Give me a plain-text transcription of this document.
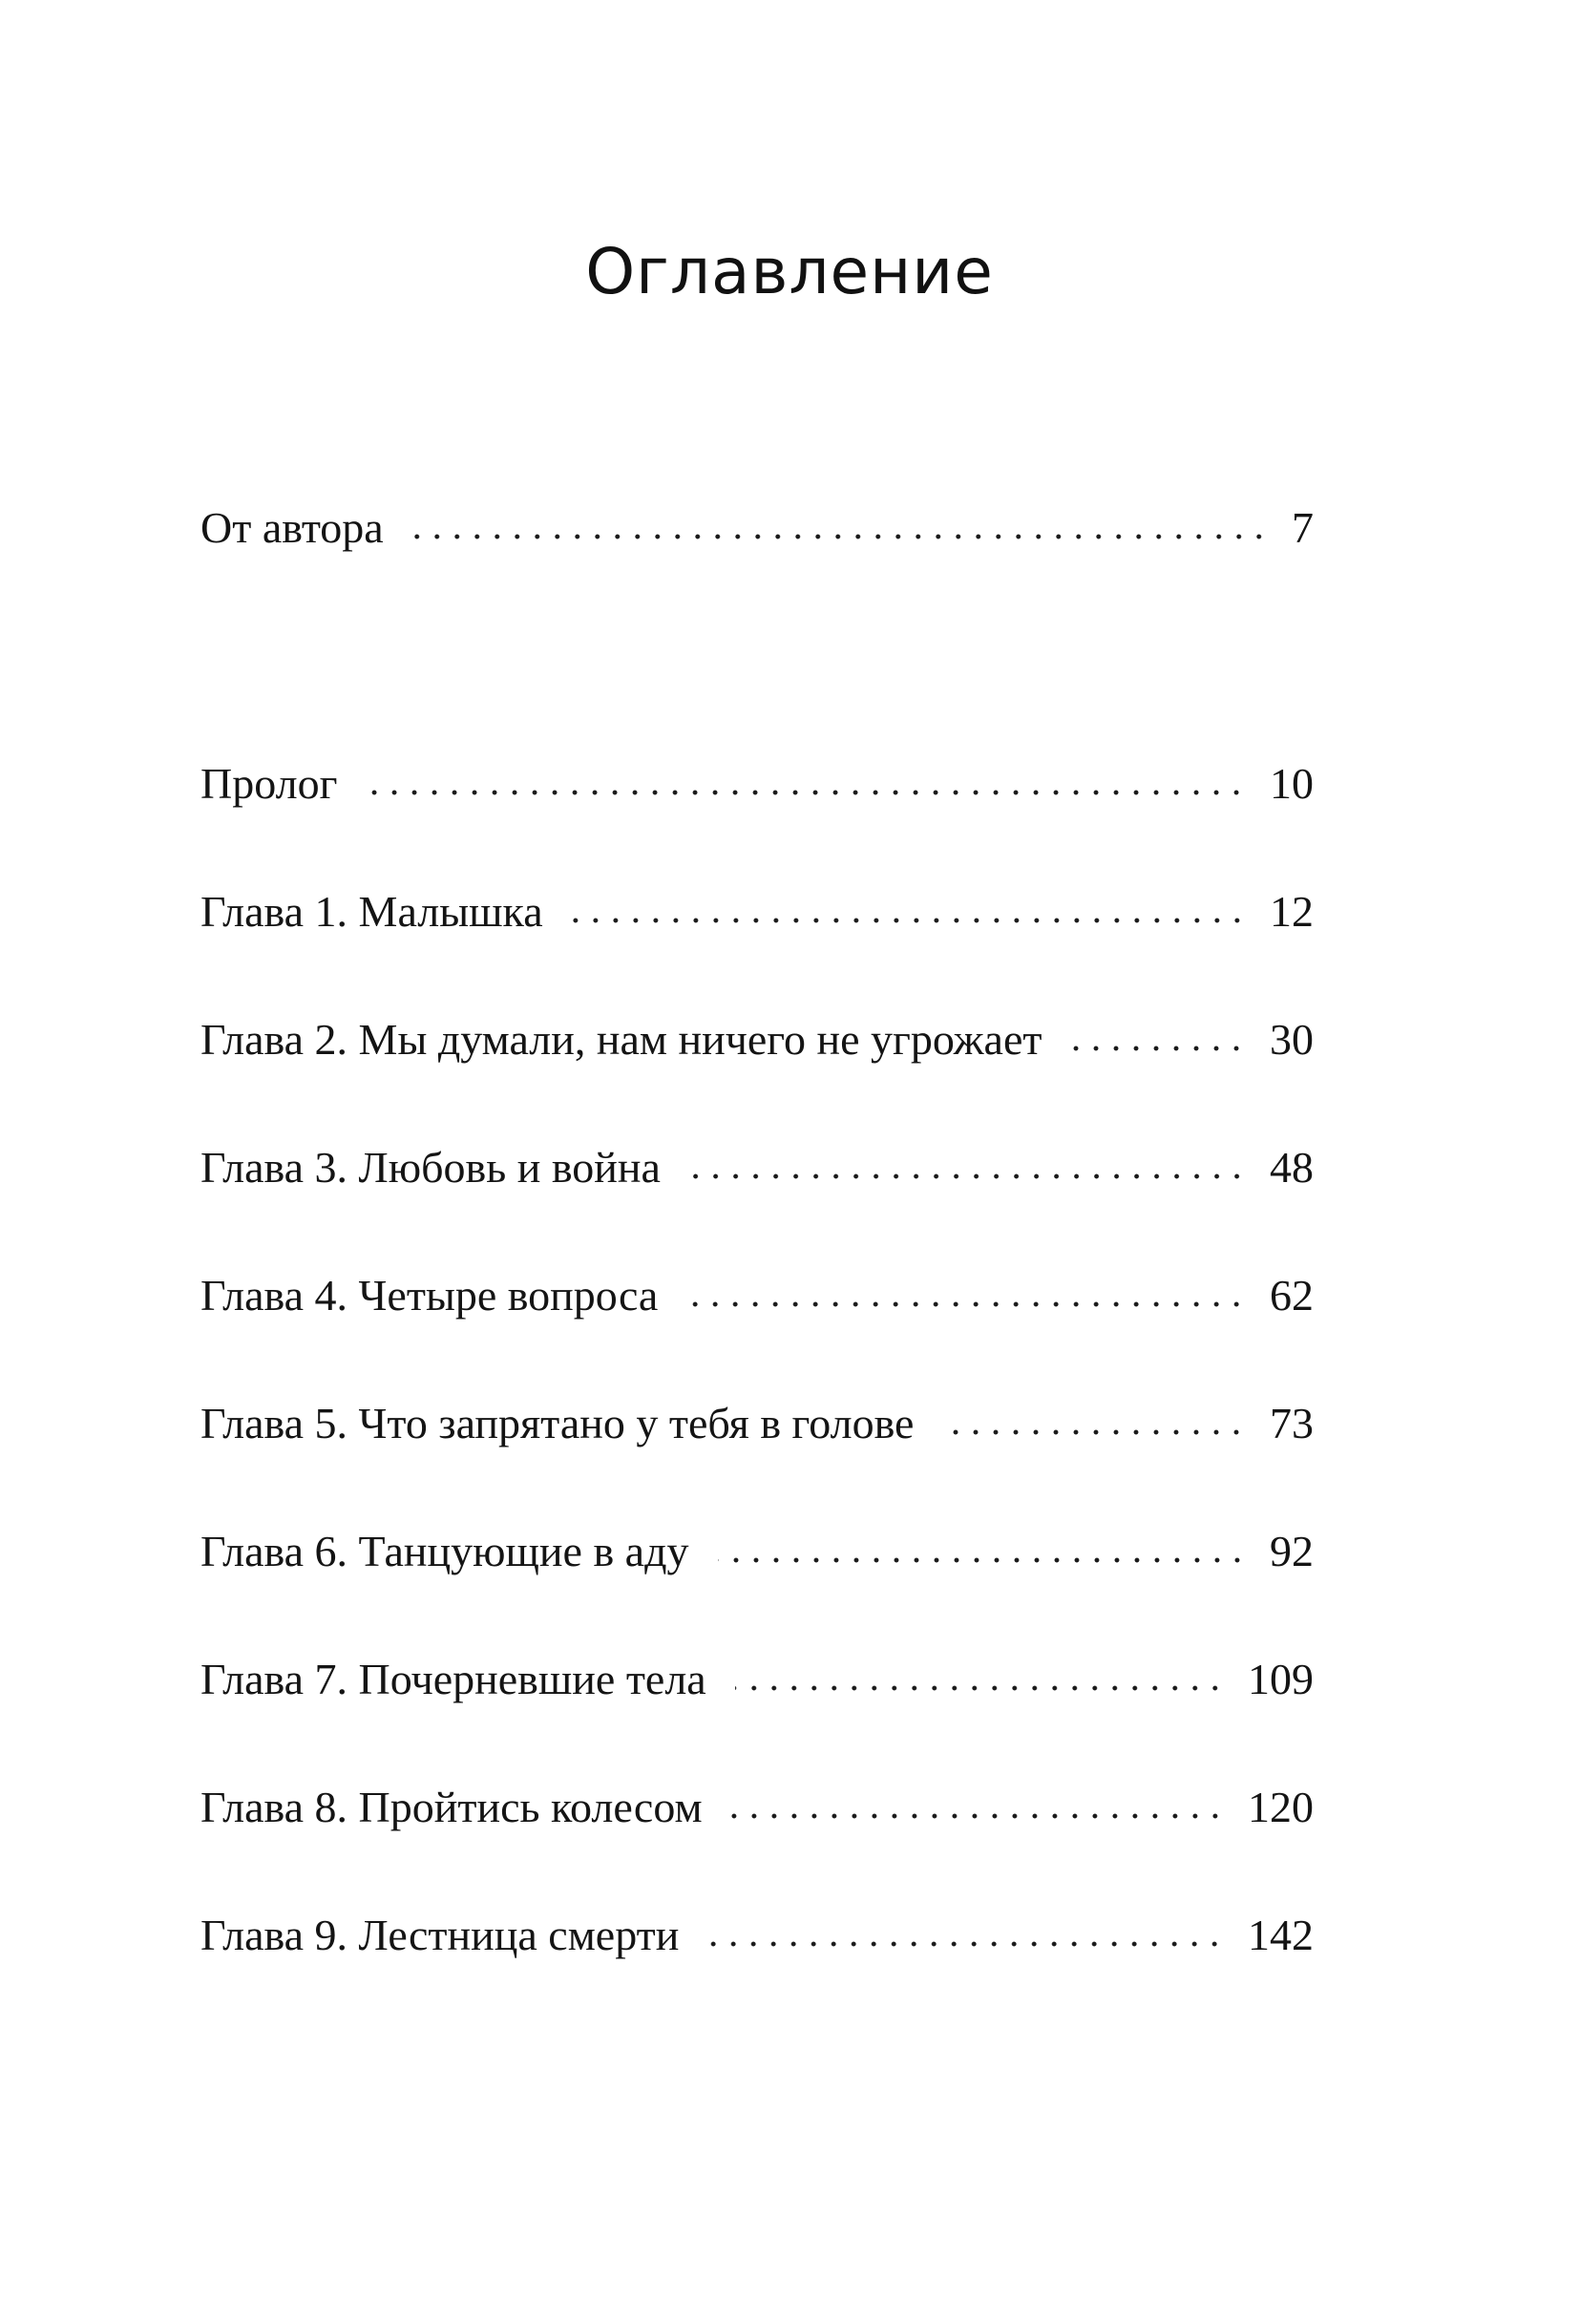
Оглавление
От автора	7
Пролог	10
Глава 1. Малышка	12
Глава 2. Мы думали, нам ничего не угрожает	30
Глава 3. Любовь и война	48
Глава 4. Четыре вопроса	62
Глава 5. Что запрятано у тебя в голове	73
Глава 6. Танцующие в аду	92
Глава 7. Почерневшие тела	109
Глава 8. Пройтись колесом	120
Глава 9. Лестница смерти	142
